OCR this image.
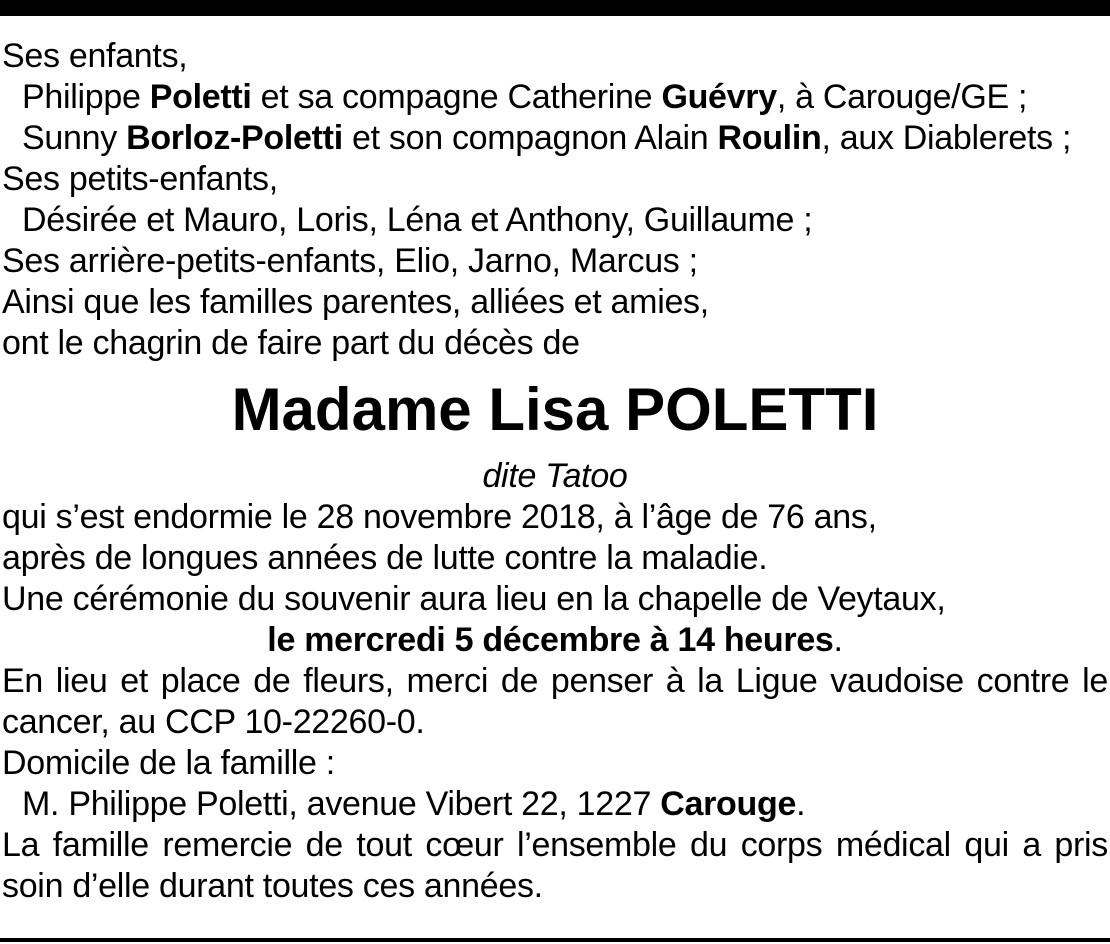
Ses enfants,
Philippe Poletti et sa compagne Catherine Guévry, à Carouge/GE ;
Sunny Borloz-Poletti et son compagnon Alain Roulin, aux Diablerets ;
Ses petits-enfants,
Désirée et Mauro, Loris, Léna et Anthony, Guillaume ;
Ses arrière-petits-enfants, Elio, Jarno, Marcus ;
Ainsi que les familles parentes, alliées et amies,
ont le chagrin de faire part du décès de
Madame Lisa POLETTI
dite Tatoo
qui s’est endormie le 28 novembre 2018, à l’âge de 76 ans,
après de longues années de lutte contre la maladie.
Une cérémonie du souvenir aura lieu en la chapelle de Veytaux,
le mercredi 5 décembre à 14 heures.
En lieu et place de fleurs, merci de penser à la Ligue vaudoise contre le cancer, au CCP 10-22260-0.
Domicile de la famille :
M. Philippe Poletti, avenue Vibert 22, 1227 Carouge.
La famille remercie de tout cœur l’ensemble du corps médical qui a pris soin d’elle durant toutes ces années.
